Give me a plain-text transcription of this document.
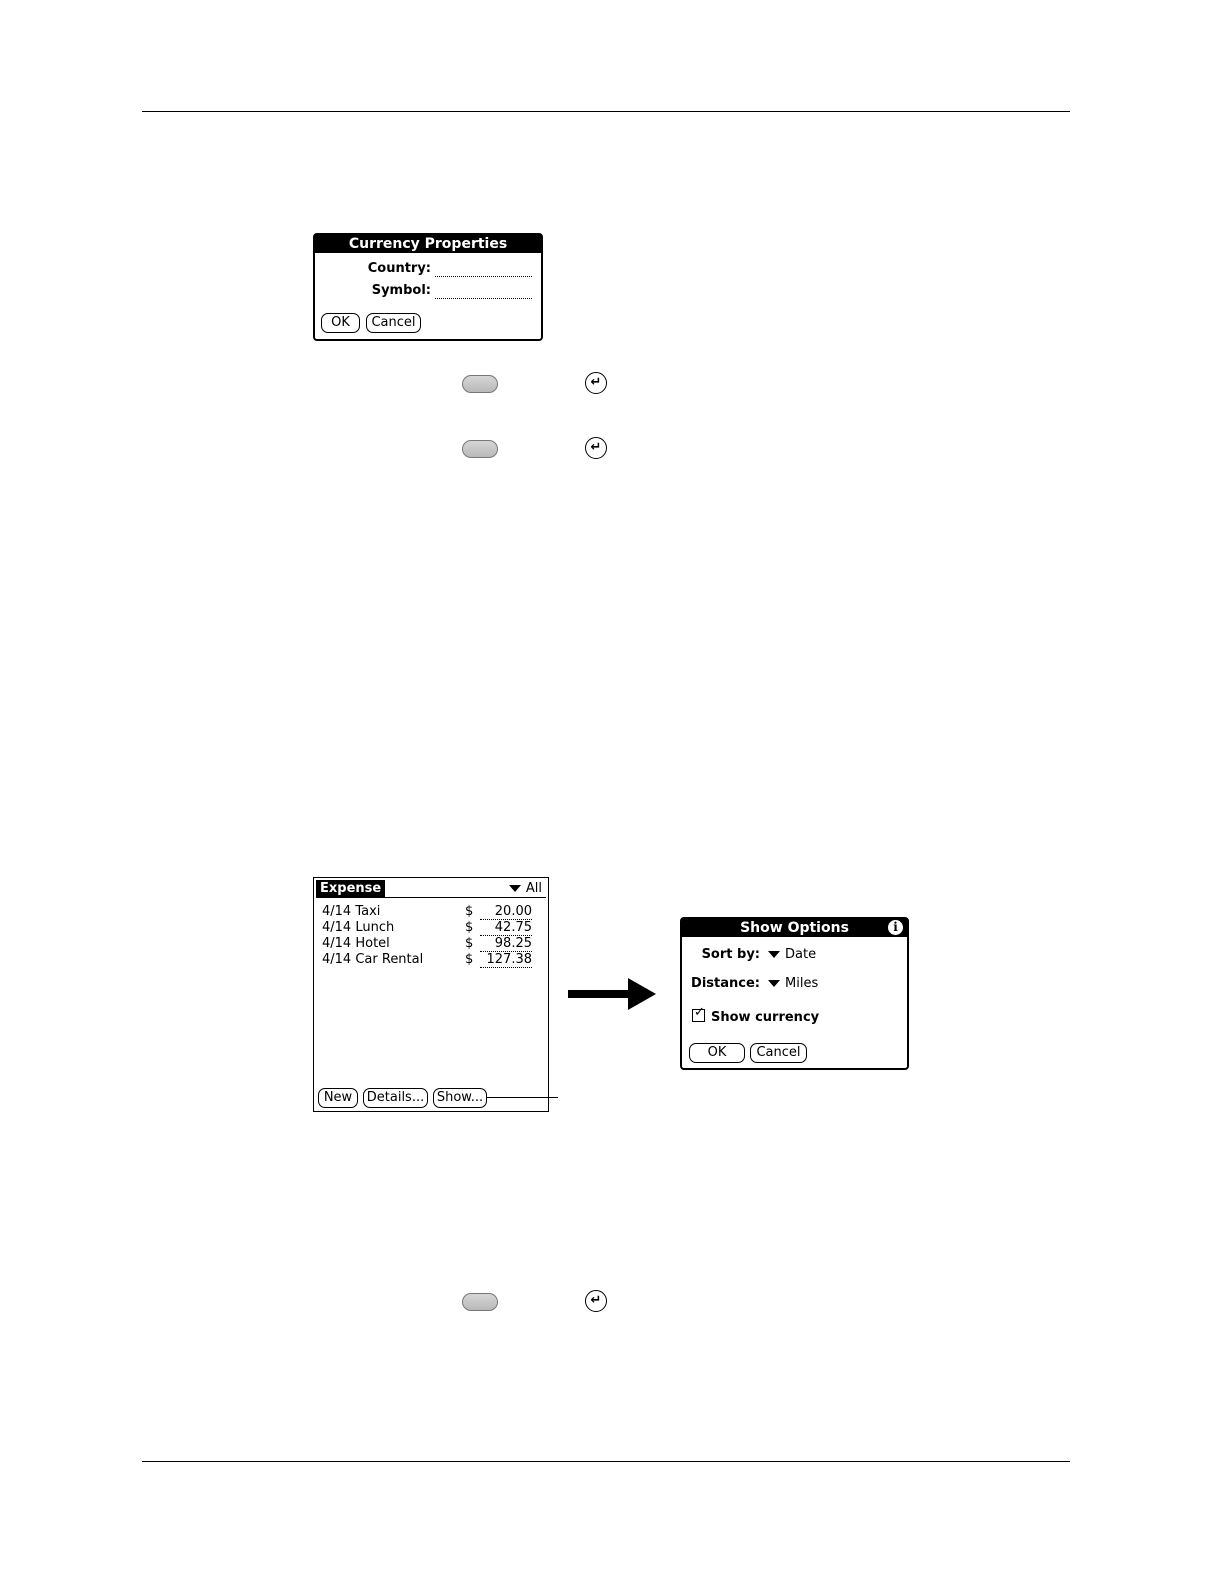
Currency Properties
Country:
Symbol:
OK	Cancel
↵
↵
Expense	All
4/14 Taxi	$	20.00
4/14 Lunch	$	42.75
4/14 Hotel	$	98.25
4/14 Car Rental	$	127.38
New	Details... Show...
Show Options	i
Sort by:	Date
Distance:	Miles
✓ Show currency
OK	Cancel
↵
